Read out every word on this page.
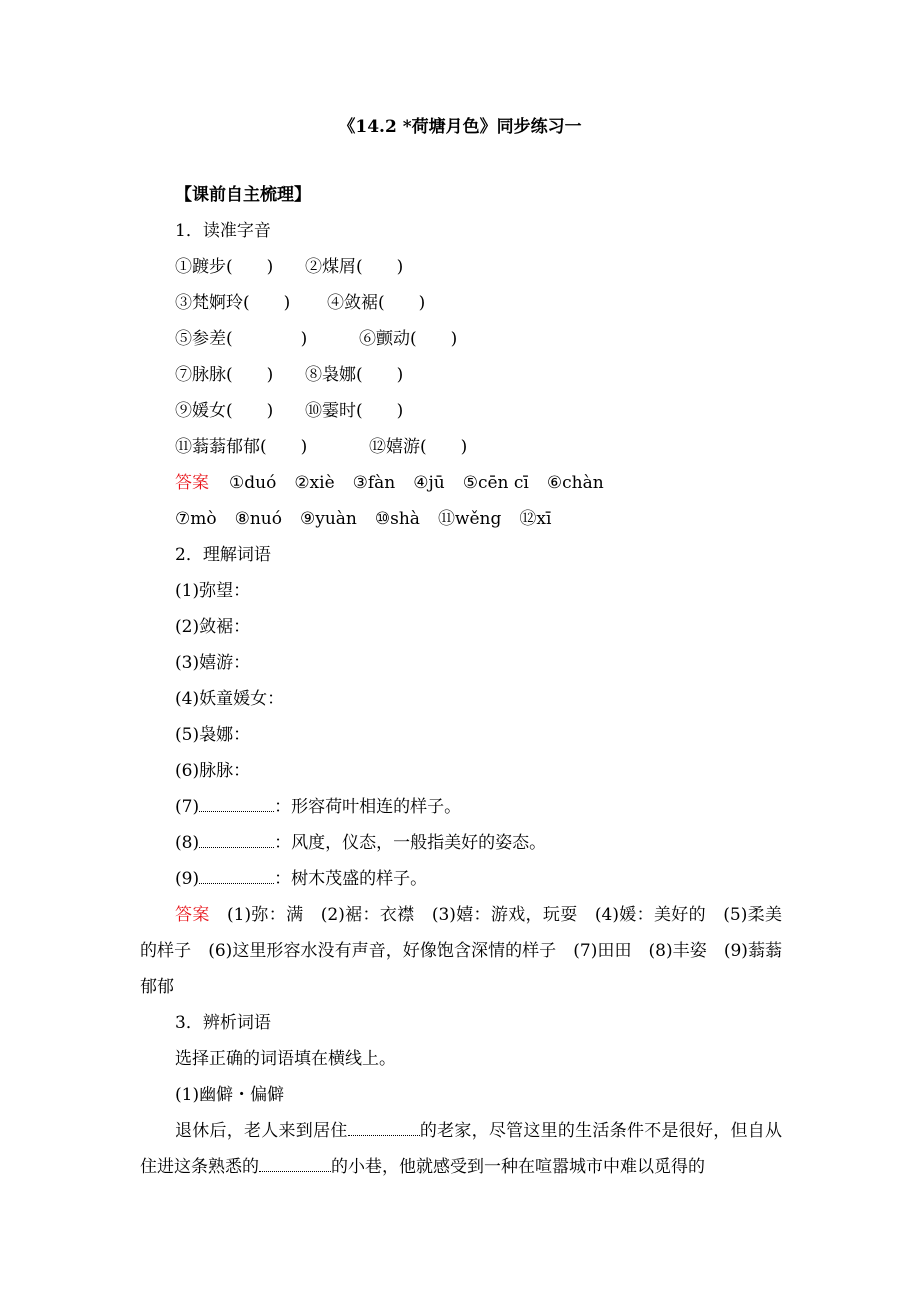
《14.2 *荷塘月色》同步练习一
【课前自主梳理】
1．读准字音
①踱步(　　) ②煤屑(　　)
③梵婀玲(　　) ④敛裾(　　)
⑤参差(　　　　)	⑥颤动(　　)
⑦脉脉(　　) ⑧袅娜(　　)
⑨媛女(　　) ⑩霎时(　　)
⑪蓊蓊郁郁(　　)	⑫嬉游(　　)
答案 ①duó ②xiè ③fàn ④jū ⑤cēn cī ⑥chàn
⑦mò ⑧nuó ⑨yuàn ⑩shà ⑪wěng ⑫xī
2．理解词语
(1)弥望：
(2)敛裾：
(3)嬉游：
(4)妖童媛女：
(5)袅娜：
(6)脉脉：
(7)	：形容荷叶相连的样子。
(8)	：风度，仪态，一般指美好的姿态。
(9)	：树木茂盛的样子。
答案　 (1)弥：满　(2)裾：衣襟　(3)嬉：游戏，玩耍　(4)媛：美好的　(5)柔美的样子　(6)这里形容水没有声音，好像饱含深情的样子　(7)田田　(8)丰姿　(9)蓊蓊郁郁
3．辨析词语
选择正确的词语填在横线上。
(1)幽僻・偏僻
退休后，老人来到居住	的老家，尽管这里的生活条件不是很好，但自从住进这条熟悉的	的小巷，他就感受到一种在喧嚣城市中难以觅得的
